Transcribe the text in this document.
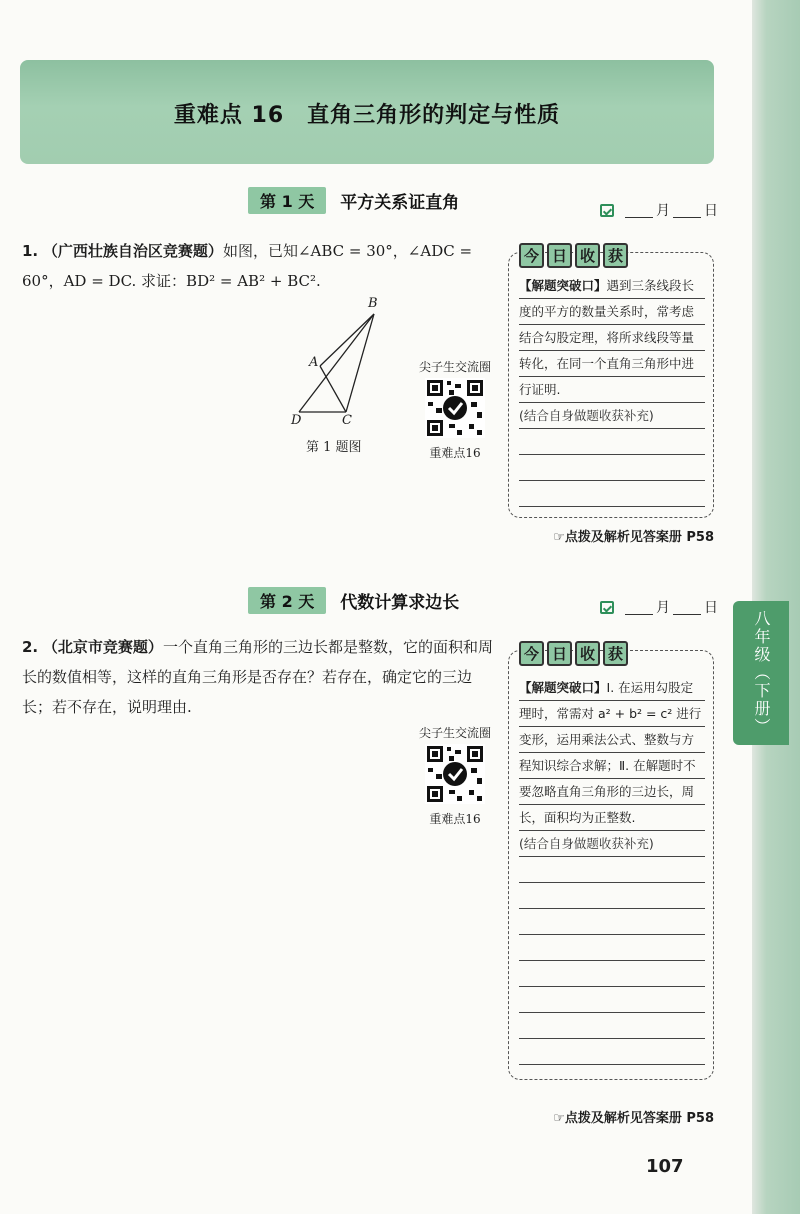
重难点 16　直角三角形的判定与性质
第 1 天	平方关系证直角	月 日
1. （广西壮族自治区竞赛题）如图，已知∠ABC = 30°，∠ADC = 60°，AD = DC. 求证：BD² = AB² + BC².
B
A
D	C
第 1 题图
尖子生交流圈
重难点16
今 日 收 获
【解题突破口】遇到三条线段长度的平方的数量关系时，常考虑结合勾股定理，将所求线段等量转化，在同一个直角三角形中进行证明.
(结合自身做题收获补充)
☞点拨及解析见答案册 P58
第 2 天	代数计算求边长	月 日
2. （北京市竞赛题）一个直角三角形的三边长都是整数，它的面积和周长的数值相等，这样的直角三角形是否存在？若存在，确定它的三边长；若不存在，说明理由.
尖子生交流圈
重难点16
今 日 收 获
【解题突破口】Ⅰ. 在运用勾股定理时，常需对 a² + b² = c² 进行变形，运用乘法公式、整数与方程知识综合求解；Ⅱ. 在解题时不要忽略直角三角形的三边长，周长，面积均为正整数.
(结合自身做题收获补充)
☞点拨及解析见答案册 P58
八年级（下册）
107
